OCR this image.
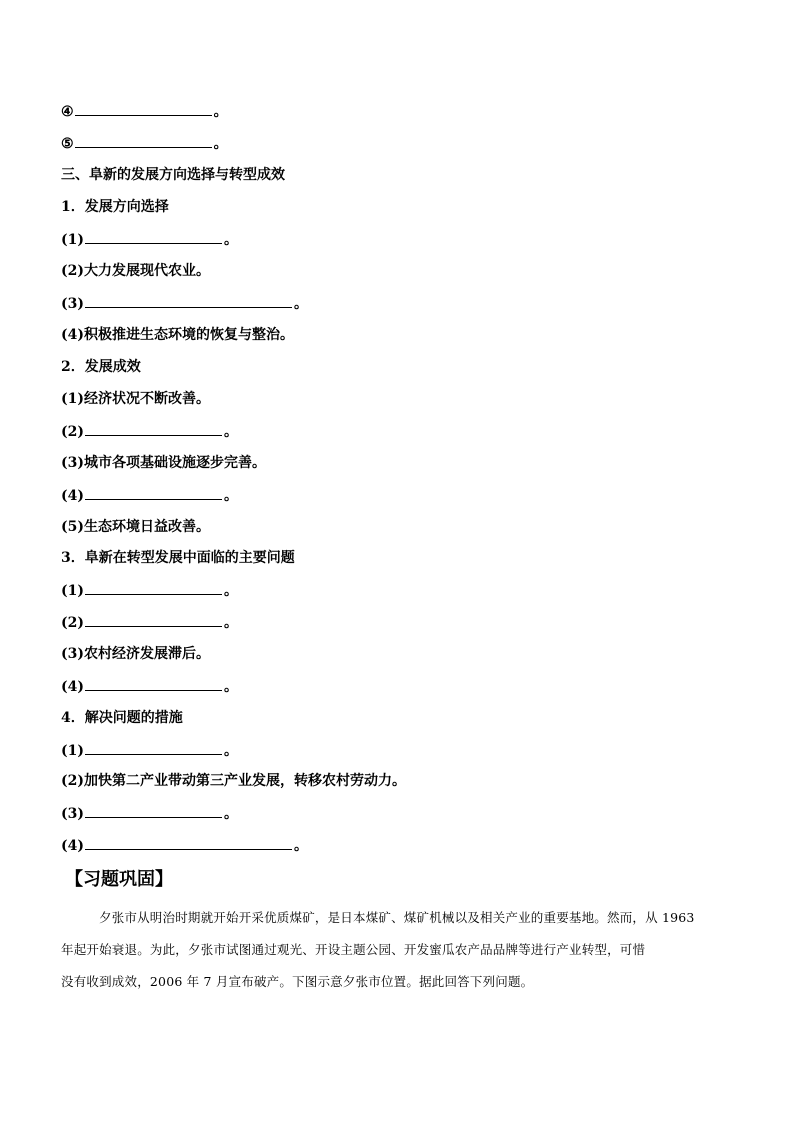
④	。
⑤	。
三、阜新的发展方向选择与转型成效
1．发展方向选择
(1)	。
(2)大力发展现代农业。
(3)	。
(4)积极推进生态环境的恢复与整治。
2．发展成效
(1)经济状况不断改善。
(2)	。
(3)城市各项基础设施逐步完善。
(4)	。
(5)生态环境日益改善。
3．阜新在转型发展中面临的主要问题
(1)	。
(2)	。
(3)农村经济发展滞后。
(4)	。
4．解决问题的措施
(1)	。
(2)加快第二产业带动第三产业发展，转移农村劳动力。
(3)	。
(4)	。
【习题巩固】
夕张市从明治时期就开始开采优质煤矿，是日本煤矿、煤矿机械以及相关产业的重要基地。然而，从 1963
年起开始衰退。为此，夕张市试图通过观光、开设主题公园、开发蜜瓜农产品品牌等进行产业转型，可惜
没有收到成效，2006 年 7 月宣布破产。下图示意夕张市位置。据此回答下列问题。
